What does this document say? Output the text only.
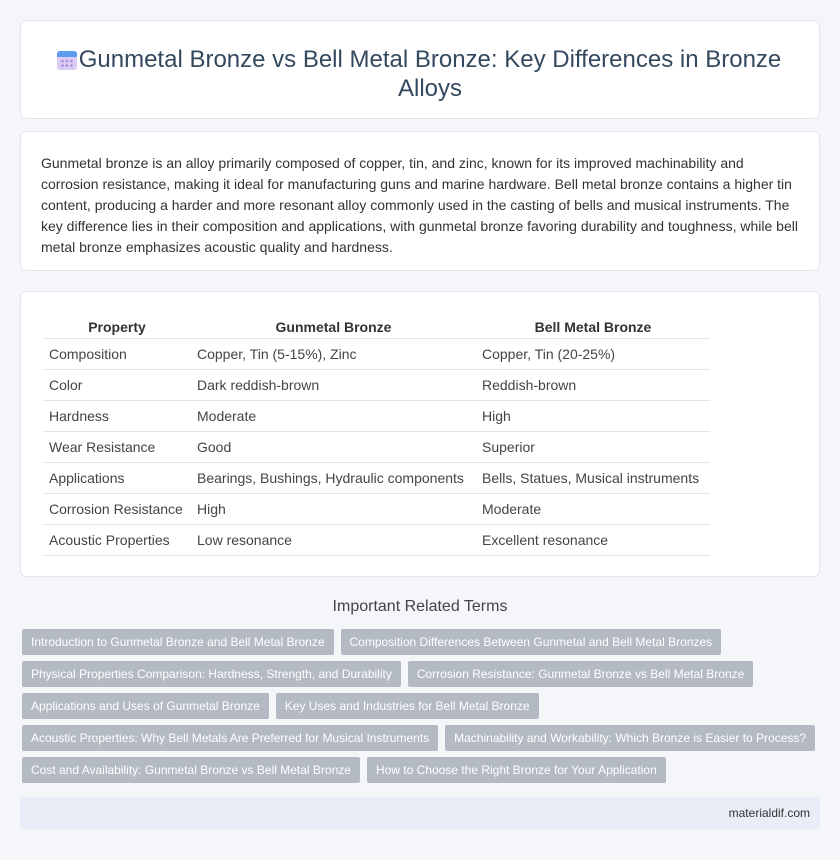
Gunmetal Bronze vs Bell Metal Bronze: Key Differences in Bronze Alloys

Gunmetal bronze is an alloy primarily composed of copper, tin, and zinc, known for its improved machinability and corrosion resistance, making it ideal for manufacturing guns and marine hardware. Bell metal bronze contains a higher tin content, producing a harder and more resonant alloy commonly used in the casting of bells and musical instruments. The key difference lies in their composition and applications, with gunmetal bronze favoring durability and toughness, while bell metal bronze emphasizes acoustic quality and hardness.

Property	Gunmetal Bronze	Bell Metal Bronze
Composition	Copper, Tin (5-15%), Zinc	Copper, Tin (20-25%)
Color	Dark reddish-brown	Reddish-brown
Hardness	Moderate	High
Wear Resistance	Good	Superior
Applications	Bearings, Bushings, Hydraulic components	Bells, Statues, Musical instruments
Corrosion Resistance	High	Moderate
Acoustic Properties	Low resonance	Excellent resonance
Important Related Terms
Introduction to Gunmetal Bronze and Bell Metal Bronze	Composition Differences Between Gunmetal and Bell Metal Bronzes
Physical Properties Comparison: Hardness, Strength, and Durability	Corrosion Resistance: Gunmetal Bronze vs Bell Metal Bronze
Applications and Uses of Gunmetal Bronze	Key Uses and Industries for Bell Metal Bronze
Acoustic Properties: Why Bell Metals Are Preferred for Musical Instruments	Machinability and Workability: Which Bronze is Easier to Process?
Cost and Availability: Gunmetal Bronze vs Bell Metal Bronze	How to Choose the Right Bronze for Your Application
materialdif.com
